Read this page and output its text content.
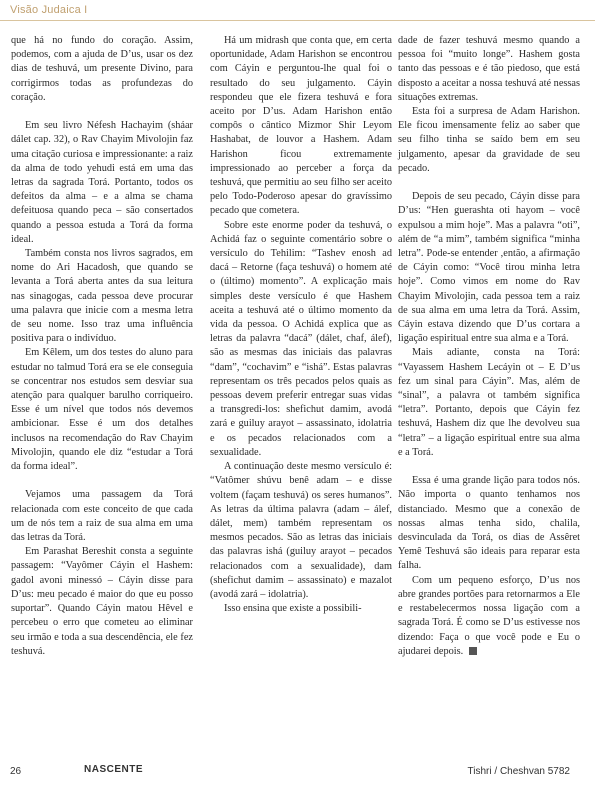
Visão Judaica I

que há no fundo do coração. Assim, podemos, com a ajuda de D’us, usar os dez dias de teshuvá, um presente Divino, para corrigirmos todas as profundezas do coração.

Em seu livro Néfesh Hachayim (sháar dálet cap. 32), o Rav Chayim Mivolojin faz uma citação curiosa e impressionante: a raiz da alma de todo yehudi está em uma das letras da sagrada Torá. Portanto, todos os defeitos da alma – e a alma se chama defeituosa quando peca – são consertados quando a pessoa estuda a Torá da forma ideal.

Também consta nos livros sagrados, em nome do Ari Hacadosh, que quando se levanta a Torá aberta antes da sua leitura nas sinagogas, cada pessoa deve procurar uma palavra que inicie com a mesma letra de seu nome. Isso traz uma influência positiva para o indivíduo.

Em Kêlem, um dos testes do aluno para estudar no talmud Torá era se ele conseguia se concentrar nos estudos sem desviar sua atenção para qualquer barulho corriqueiro. Esse é um nível que todos nós devemos ambicionar. Esse é um dos detalhes inclusos na recomendação do Rav Chayim Mivolojin, quando ele diz “estudar a Torá da forma ideal”.

Vejamos uma passagem da Torá relacionada com este conceito de que cada um de nós tem a raiz de sua alma em uma das letras da Torá.

Em Parashat Bereshit consta a seguinte passagem: “Vayômer Cáyin el Hashem: gadol avoni minessó – Cáyin disse para D’us: meu pecado é maior do que eu posso suportar”. Quando Cáyin matou Hêvel e percebeu o erro que cometeu ao eliminar seu irmão e toda a sua descendência, ele fez teshuvá.

Há um midrash que conta que, em certa oportunidade, Adam Harishon se encontrou com Cáyin e perguntou-lhe qual foi o resultado do seu julgamento. Cáyin respondeu que ele fizera teshuvá e fora aceito por D’us. Adam Harishon então compôs o cântico Mizmor Shir Leyom Hashabat, de louvor a Hashem. Adam Harishon ficou extremamente impressionado ao perceber a força da teshuvá, que permitiu ao seu filho ser aceito pelo Todo-Poderoso apesar do gravíssimo pecado que cometera.

Sobre este enorme poder da teshuvá, o Achidá faz o seguinte comentário sobre o versículo do Tehilim: “Tashev enosh ad dacá – Retorne (faça teshuvá) o homem até o (último) momento”. A explicação mais simples deste versículo é que Hashem aceita a teshuvá até o último momento da vida da pessoa. O Achidá explica que as letras da palavra “dacá” (dálet, chaf, álef), são as mesmas das iniciais das palavras “dam”, “cochavim” e “ishá”. Estas palavras representam os três pecados pelos quais as pessoas devem preferir entregar suas vidas a transgredi-los: shefichut damim, avodá zará e guiluy arayot – assassinato, idolatria e os pecados relacionados com a sexualidade.

A continuação deste mesmo versículo é: “Vatômer shúvu benê adam – e disse voltem (façam teshuvá) os seres humanos”. As letras da última palavra (adam – álef, dálet, mem) também representam os mesmos pecados. São as letras das iniciais das palavras ishá (guiluy arayot – pecados relacionados com a sexualidade), dam (shefichut damim – assassinato) e mazalot (avodá zará – idolatria).

Isso ensina que existe a possibili-

dade de fazer teshuvá mesmo quando a pessoa foi “muito longe”. Hashem gosta tanto das pessoas e é tão piedoso, que está disposto a aceitar a nossa teshuvá até nessas situações extremas.

Esta foi a surpresa de Adam Harishon. Ele ficou imensamente feliz ao saber que seu filho tinha se saído bem em seu julgamento, apesar da gravidade de seu pecado.

Depois de seu pecado, Cáyin disse para D’us: “Hen guerashta oti hayom – você expulsou a mim hoje”. Mas a palavra “oti”, além de “a mim”, também significa “minha letra”. Pode-se entender ,então, a afirmação de Cáyin como: “Você tirou minha letra hoje”. Como vimos em nome do Rav Chayim Mivolojin, cada pessoa tem a raiz de sua alma em uma letra da Torá. Assim, Cáyin estava dizendo que D’us cortara a ligação espiritual entre sua alma e a Torá.

Mais adiante, consta na Torá: “Vayassem Hashem Lecáyin ot – E D’us fez um sinal para Cáyin”. Mas, além de “sinal”, a palavra ot também significa “letra”. Portanto, depois que Cáyin fez teshuvá, Hashem diz que lhe devolveu sua “letra” – a ligação espiritual entre sua alma e a Torá.

Essa é uma grande lição para todos nós. Não importa o quanto tenhamos nos distanciado. Mesmo que a conexão de nossas almas tenha sido, chalila, desvinculada da Torá, os dias de Assêret Yemê Teshuvá são ideais para reparar esta falha.

Com um pequeno esforço, D’us nos abre grandes portões para retornarmos a Ele e restabelecermos nossa ligação com a sagrada Torá. É como se D’us estivesse nos dizendo: Faça o que você pode e Eu o ajudarei depois.

26	NASCENTE	Tishri / Cheshvan 5782
